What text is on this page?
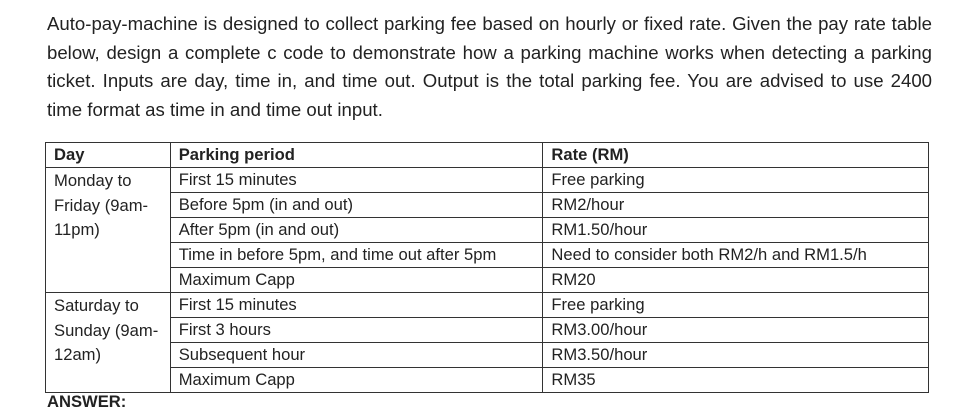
Auto-pay-machine is designed to collect parking fee based on hourly or fixed rate. Given the pay rate table below, design a complete c code to demonstrate how a parking machine works when detecting a parking ticket. Inputs are day, time in, and time out. Output is the total parking fee. You are advised to use 2400 time format as time in and time out input.

Day	Parking period	Rate (RM)
Monday to Friday (9am-11pm)	First 15 minutes	Free parking
	Before 5pm (in and out)	RM2/hour
	After 5pm (in and out)	RM1.50/hour
	Time in before 5pm, and time out after 5pm	Need to consider both RM2/h and RM1.5/h
	Maximum Capp	RM20
Saturday to Sunday (9am-12am)	First 15 minutes	Free parking
	First 3 hours	RM3.00/hour
	Subsequent hour	RM3.50/hour
	Maximum Capp	RM35

ANSWER:
